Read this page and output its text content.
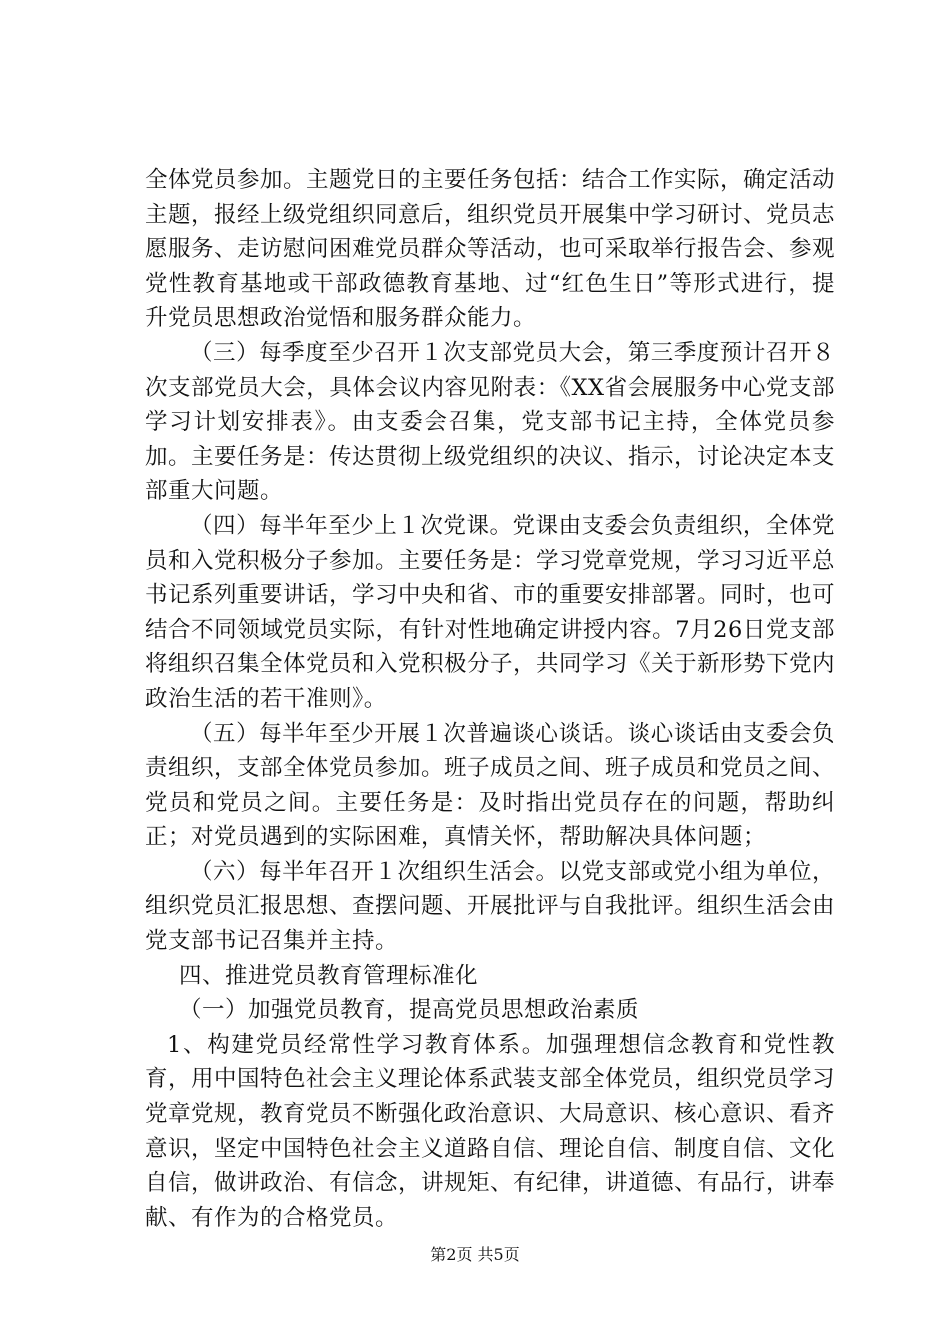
全体党员参加。主题党日的主要任务包括：结合工作实际，确定活动主题，报经上级党组织同意后，组织党员开展集中学习研讨、党员志愿服务、走访慰问困难党员群众等活动，也可采取举行报告会、参观党性教育基地或干部政德教育基地、过“红色生日”等形式进行，提升党员思想政治觉悟和服务群众能力。

（三）每季度至少召开１次支部党员大会，第三季度预计召开８次支部党员大会，具体会议内容见附表：《XX省会展服务中心党支部学习计划安排表》。由支委会召集，党支部书记主持，全体党员参加。主要任务是：传达贯彻上级党组织的决议、指示，讨论决定本支部重大问题。

（四）每半年至少上１次党课。党课由支委会负责组织，全体党员和入党积极分子参加。主要任务是：学习党章党规，学习习近平总书记系列重要讲话，学习中央和省、市的重要安排部署。同时，也可结合不同领域党员实际，有针对性地确定讲授内容。7月26日党支部将组织召集全体党员和入党积极分子，共同学习《关于新形势下党内政治生活的若干准则》。

（五）每半年至少开展１次普遍谈心谈话。谈心谈话由支委会负责组织，支部全体党员参加。班子成员之间、班子成员和党员之间、党员和党员之间。主要任务是：及时指出党员存在的问题，帮助纠正；对党员遇到的实际困难，真情关怀，帮助解决具体问题；

（六）每半年召开１次组织生活会。以党支部或党小组为单位，组织党员汇报思想、查摆问题、开展批评与自我批评。组织生活会由党支部书记召集并主持。

四、推进党员教育管理标准化

（一）加强党员教育，提高党员思想政治素质

1、构建党员经常性学习教育体系。加强理想信念教育和党性教育，用中国特色社会主义理论体系武装支部全体党员，组织党员学习党章党规，教育党员不断强化政治意识、大局意识、核心意识、看齐意识，坚定中国特色社会主义道路自信、理论自信、制度自信、文化自信，做讲政治、有信念，讲规矩、有纪律，讲道德、有品行，讲奉献、有作为的合格党员。

第2页 共5页
